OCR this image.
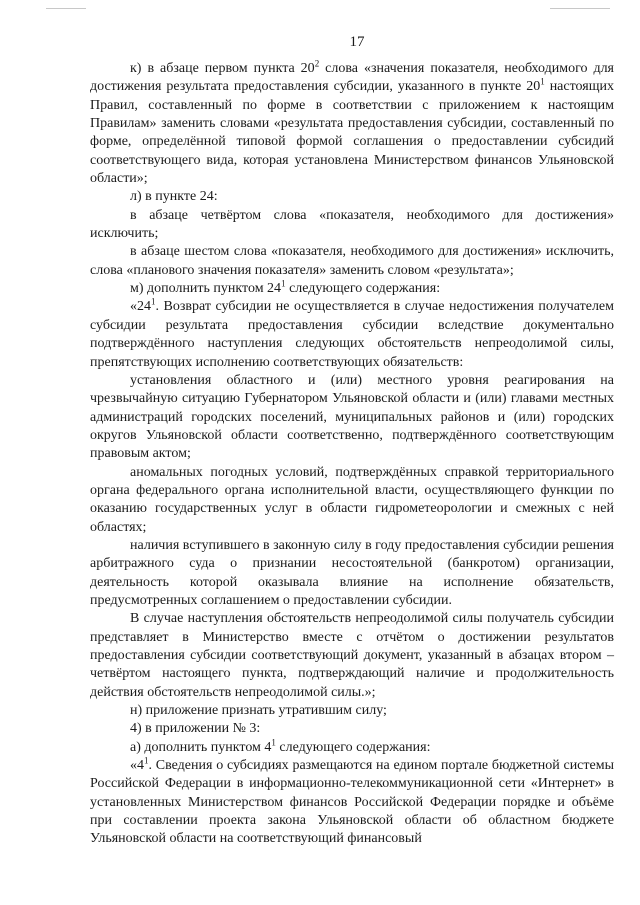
17

к) в абзаце первом пункта $20^2$ слова «значения показателя, необходимого для достижения результата предоставления субсидии, указанного в пункте $20^1$ настоящих Правил, составленный по форме в соответствии с приложением к настоящим Правилам» заменить словами «результата предоставления субсидии, составленный по форме, определённой типовой формой соглашения о предоставлении субсидий соответствующего вида, которая установлена Министерством финансов Ульяновской области»;

л) в пункте 24:

в абзаце четвёртом слова «показателя, необходимого для достижения» исключить;

в абзаце шестом слова «показателя, необходимого для достижения» исключить, слова «планового значения показателя» заменить словом «результата»;

м) дополнить пунктом $24^1$ следующего содержания:

«$24^1$. Возврат субсидии не осуществляется в случае недостижения получателем субсидии результата предоставления субсидии вследствие документально подтверждённого наступления следующих обстоятельств непреодолимой силы, препятствующих исполнению соответствующих обязательств:

установления областного и (или) местного уровня реагирования на чрезвычайную ситуацию Губернатором Ульяновской области и (или) главами местных администраций городских поселений, муниципальных районов и (или) городских округов Ульяновской области соответственно, подтверждённого соответствующим правовым актом;

аномальных погодных условий, подтверждённых справкой территориального органа федерального органа исполнительной власти, осуществляющего функции по оказанию государственных услуг в области гидрометеорологии и смежных с ней областях;

наличия вступившего в законную силу в году предоставления субсидии решения арбитражного суда о признании несостоятельной (банкротом) организации, деятельность которой оказывала влияние на исполнение обязательств, предусмотренных соглашением о предоставлении субсидии.

В случае наступления обстоятельств непреодолимой силы получатель субсидии представляет в Министерство вместе с отчётом о достижении результатов предоставления субсидии соответствующий документ, указанный в абзацах втором – четвёртом настоящего пункта, подтверждающий наличие и продолжительность действия обстоятельств непреодолимой силы.»;

н) приложение признать утратившим силу;

4) в приложении № 3:

а) дополнить пунктом $4^1$ следующего содержания:

«$4^1$. Сведения о субсидиях размещаются на едином портале бюджетной системы Российской Федерации в информационно-телекоммуникационной сети «Интернет» в установленных Министерством финансов Российской Федерации порядке и объёме при составлении проекта закона Ульяновской области об областном бюджете Ульяновской области на соответствующий финансовый
